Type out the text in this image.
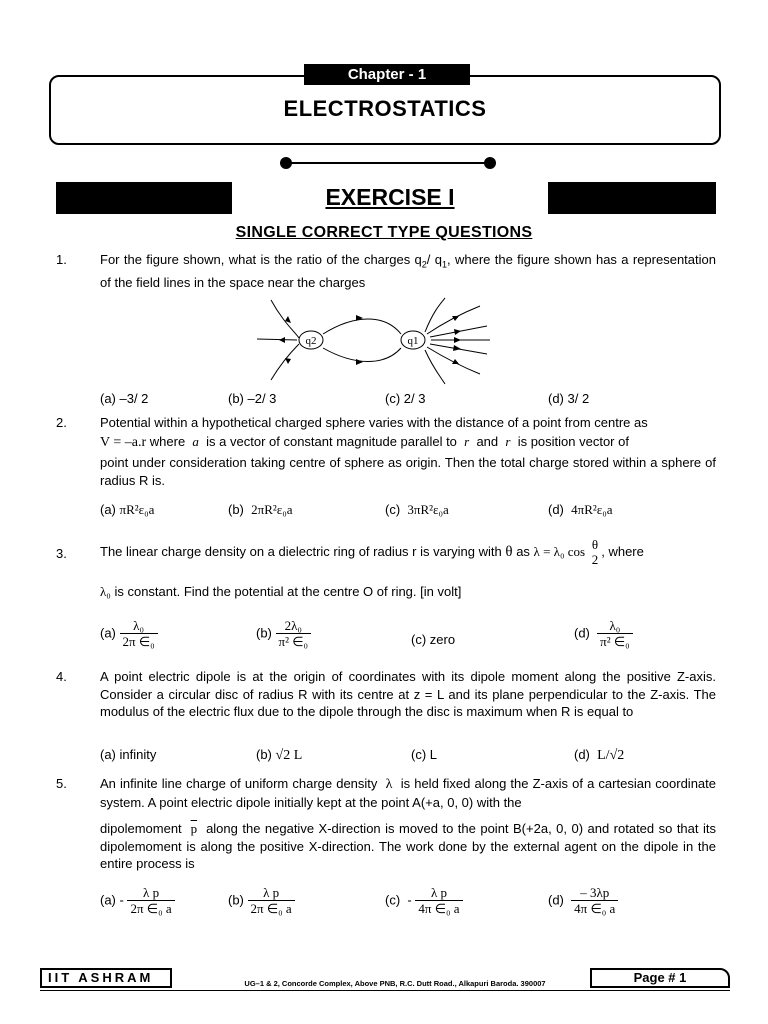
Chapter - 1
ELECTROSTATICS
EXERCISE I
SINGLE CORRECT TYPE QUESTIONS
1.	For the figure shown, what is the ratio of the charges $q_2/$ $q_1$, where the figure shown has a representation of the field lines in the space near the charges
q2	q1
(a) –3/ 2	(b) –2/ 3	(c) 2/ 3	(d) 3/ 2
2.	Potential within a hypothetical charged sphere varies with the distance of a point from centre as
V = –a.r where a is a vector of constant magnitude parallel to r and r is position vector of
point under consideration taking centre of sphere as origin. Then the total charge stored within a sphere of radius R is.
(a) πR²ε₀a	(b) 2πR²ε₀a	(c) 3πR²ε₀a	(d) 4πR²ε₀a
3.	The linear charge density on a dielectric ring of radius r is varying with θ as λ = λ₀ cos θ
2
, where
λ₀ is constant. Find the potential at the centre O of ring. [in volt]
$(a) \frac{\text{λ₀}}{\text{2π ∈₀}}$	$(b) \frac{\text{2λ₀}}{\text{π² ∈₀}}$	(c) zero	$(d) \frac{\text{λ₀}}{\text{π² ∈₀}}$
4.	A point electric dipole is at the origin of coordinates with its dipole moment along the positive Z-axis. Consider a circular disc of radius R with its centre at z = L and its plane perpendicular to the Z-axis. The modulus of the electric flux due to the dipole through the disc is maximum when R is equal to
(a) infinity	(b) √2 L	(c) L	(d) L/√2
5.	An infinite line charge of uniform charge density λ is held fixed along the Z-axis of a cartesian coordinate system. A point electric dipole initially kept at the point A(+a, 0, 0) with the
dipolemoment $\overline{p}$ along the negative X-direction is moved to the point B(+2a, 0, 0) and rotated so that its dipolemoment is along the positive X-direction. The work done by the external agent on the dipole in the entire process is
$(a) - \frac{\text{λ p}}{\text{2π ∈₀ a}}$	$(b) \frac{\text{λ p}}{\text{2π ∈₀ a}}$	$(c) - \frac{\text{λ p}}{\text{4π ∈₀ a}}$	$(d) \frac{- 3\lambda p}{\text{4π ∈₀ a}}$
IIT ASHRAM	UG–1 & 2, Concorde Complex, Above PNB, R.C. Dutt Road., Alkapuri Baroda. 390007	Page # 1
